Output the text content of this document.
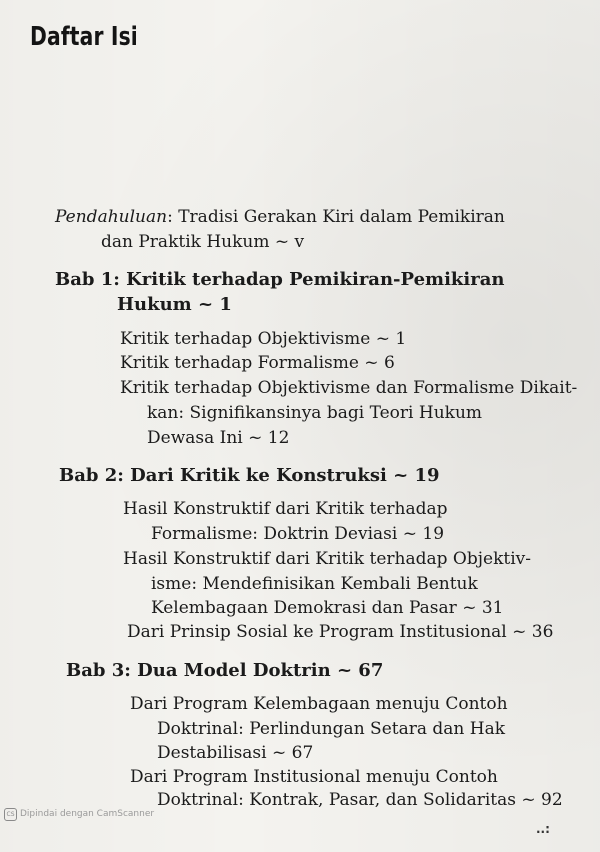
Daftar Isi
Pendahuluan: Tradisi Gerakan Kiri dalam Pemikiran
dan Praktik Hukum ~ v
Bab 1: Kritik terhadap Pemikiran-Pemikiran
Hukum ~ 1
Kritik terhadap Objektivisme ~ 1
Kritik terhadap Formalisme ~ 6
Kritik terhadap Objektivisme dan Formalisme Dikait-
kan: Signifikansinya bagi Teori Hukum
Dewasa Ini ~ 12
Bab 2: Dari Kritik ke Konstruksi ~ 19
Hasil Konstruktif dari Kritik terhadap
Formalisme: Doktrin Deviasi ~ 19
Hasil Konstruktif dari Kritik terhadap Objektiv-
isme: Mendefinisikan Kembali Bentuk
Kelembagaan Demokrasi dan Pasar ~ 31
Dari Prinsip Sosial ke Program Institusional ~ 36
Bab 3: Dua Model Doktrin ~ 67
Dari Program Kelembagaan menuju Contoh
Doktrinal: Perlindungan Setara dan Hak
Destabilisasi ~ 67
Dari Program Institusional menuju Contoh
Doktrinal: Kontrak, Pasar, dan Solidaritas ~ 92
CS Dipindai dengan CamScanner
..:
